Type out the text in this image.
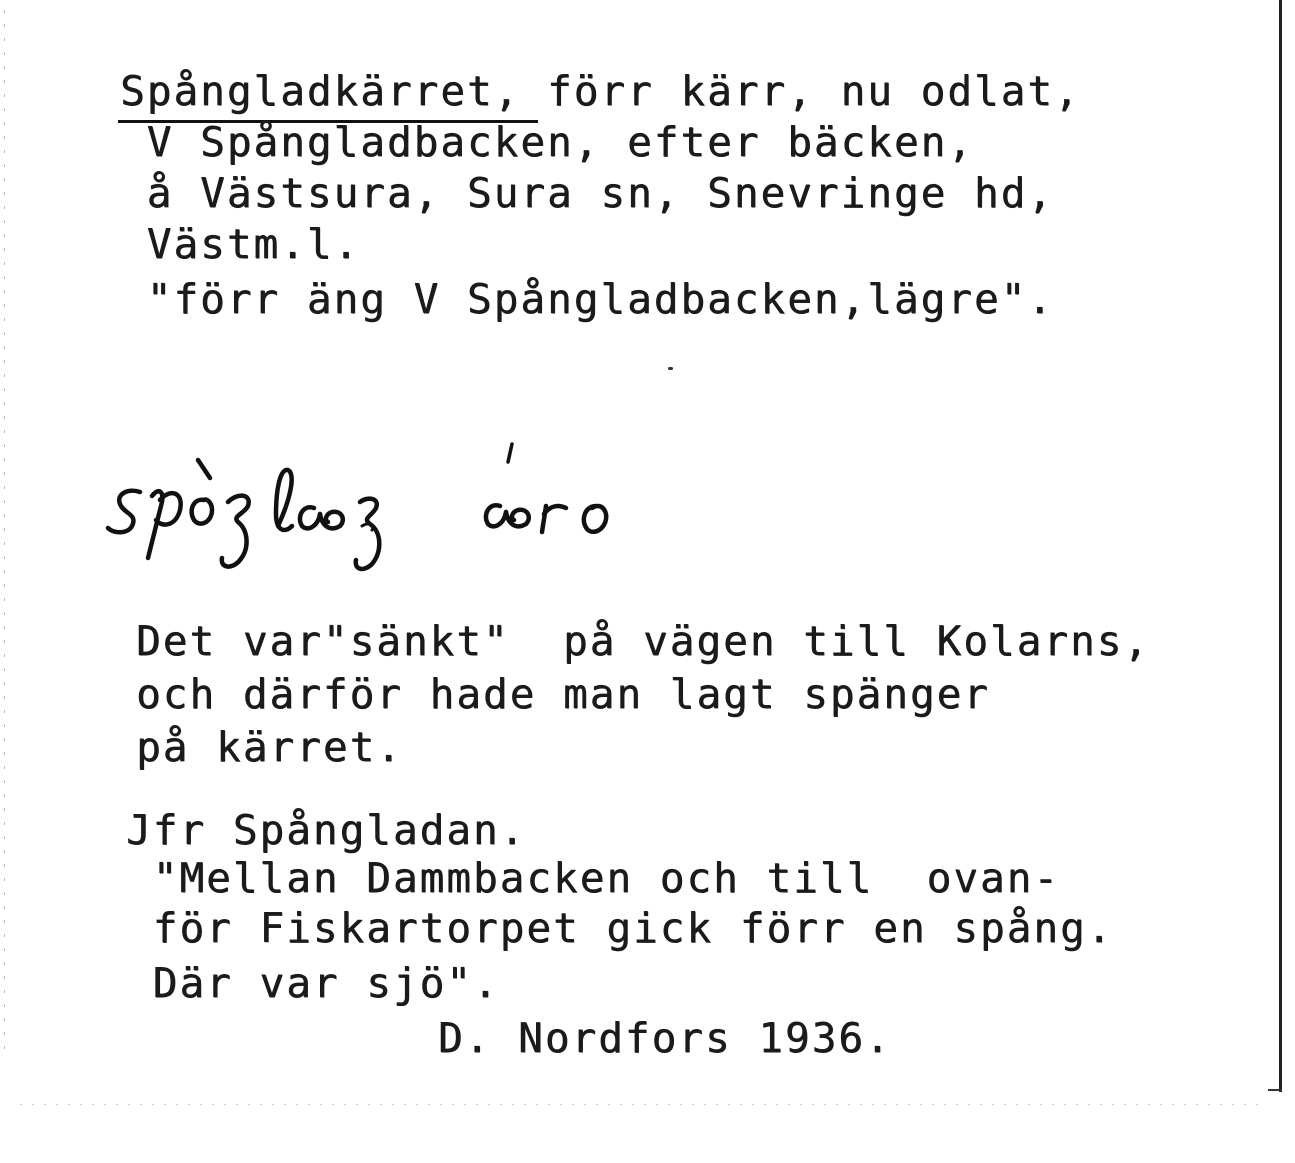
Spångladkärret, förr kärr, nu odlat,
V Spångladbacken, efter bäcken,
å Västsura, Sura sn, Snevringe hd,
Västm.l.
"förr äng V Spångladbacken,lägre".
Det var"sänkt"  på vägen till Kolarns,
och därför hade man lagt spänger
på kärret.
Jfr Spångladan.
"Mellan Dammbacken och till  ovan-
för Fiskartorpet gick förr en spång.
Där var sjö".
D. Nordfors 1936.
